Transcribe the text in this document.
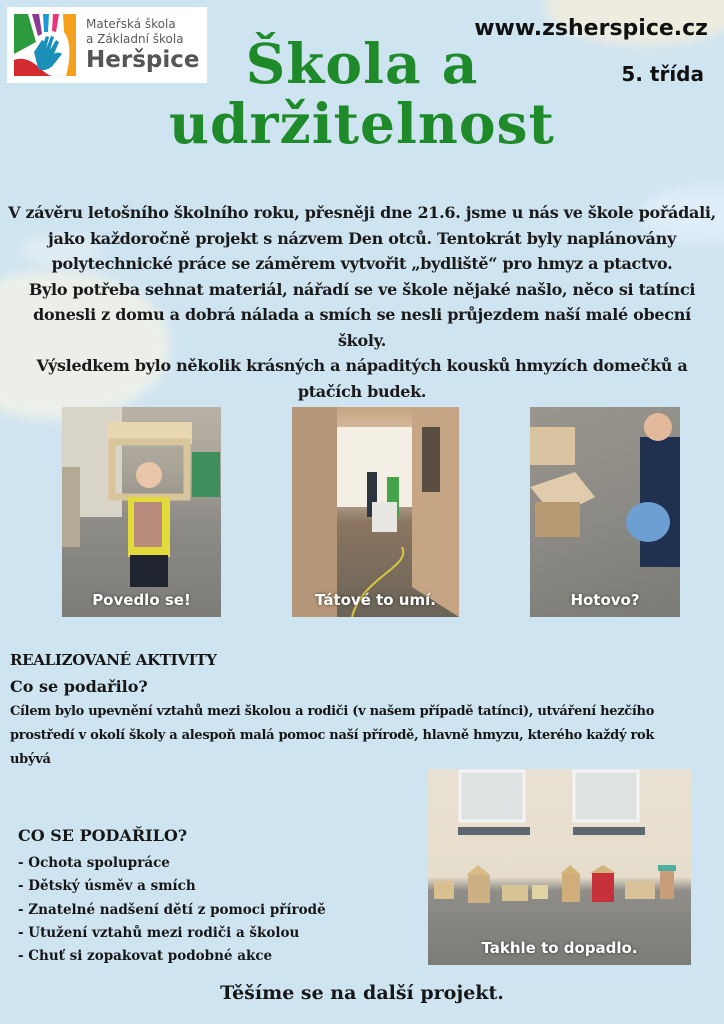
Mateřská škola
a Základní škola
Heršpice
www.zsherspice.cz
5. třída
Škola a
udržitelnost
V závěru letošního školního roku, přesněji dne 21.6. jsme u nás ve škole pořádali,
jako každoročně projekt s názvem Den otců. Tentokrát byly naplánovány
polytechnické práce se záměrem vytvořit „bydliště“ pro hmyz a ptactvo.
Bylo potřeba sehnat materiál, nářadí se ve škole nějaké našlo, něco si tatínci
donesli z domu a dobrá nálada a smích se nesli průjezdem naší malé obecní školy.
Výsledkem bylo několik krásných a nápaditých kousků hmyzích domečků a
ptačích budek.
Povedlo se!	Tátové to umí.	Hotovo?
REALIZOVANÉ AKTIVITY
Co se podařilo?
Cílem bylo upevnění vztahů mezi školou a rodiči (v našem případě tatínci), utváření hezčího
prostředí v okolí školy a alespoň malá pomoc naší přírodě, hlavně hmyzu, kterého každý rok
ubývá
CO SE PODAŘILO?
- Ochota spolupráce
- Dětský úsměv a smích
- Znatelné nadšení dětí z pomoci přírodě
- Utužení vztahů mezi rodiči a školou
- Chuť si zopakovat podobné akce	Takhle to dopadlo.
Těšíme se na další projekt.
